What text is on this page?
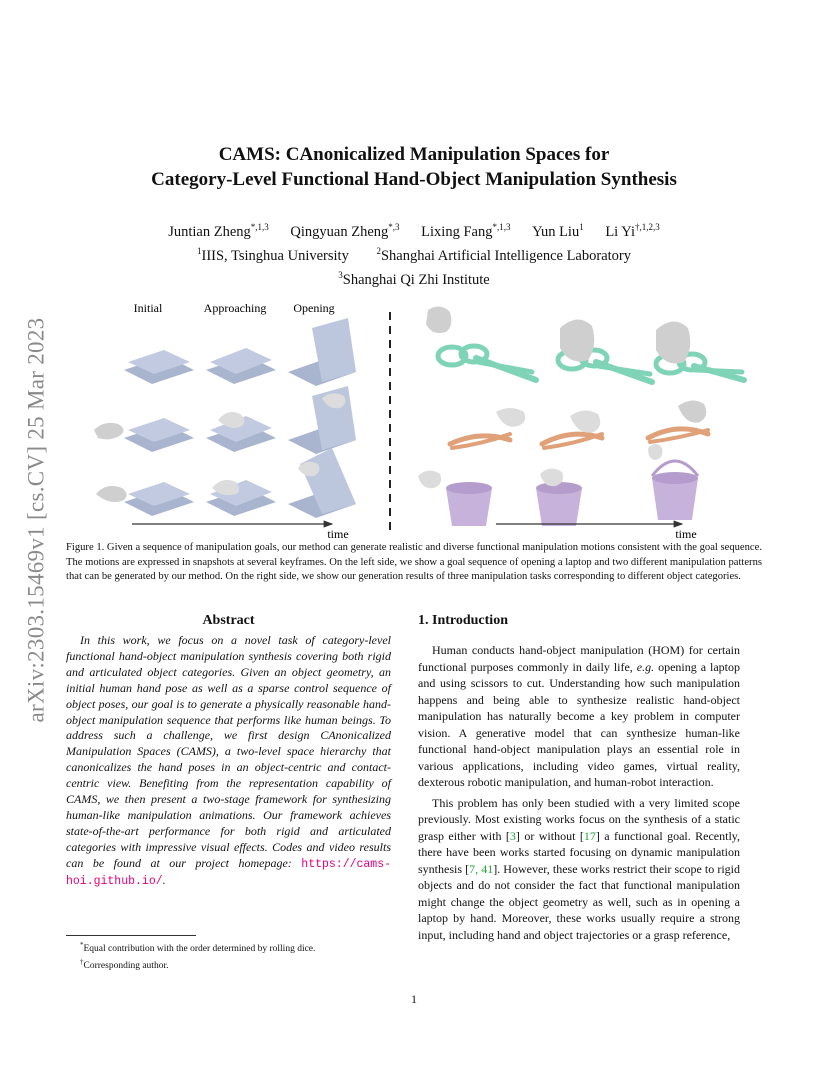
arXiv:2303.15469v1 [cs.CV] 25 Mar 2023
CAMS: CAnonicalized Manipulation Spaces for
Category-Level Functional Hand-Object Manipulation Synthesis
Juntian Zheng$^{*,1,3}$ Qingyuan Zheng$^{*,3}$ Lixing Fang$^{*,1,3}$ Yun Liu$^1$ Li $Yi^{\dagger,1,2,3}$
$^1$IIIS, Tsinghua University	$^2$Shanghai Artificial Intelligence Laboratory
$^3$Shanghai Qi Zhi Institute
Initial	Approaching Opening
time	time
Figure 1. Given a sequence of manipulation goals, our method can generate realistic and diverse functional manipulation motions consistent with the goal sequence. The motions are expressed in snapshots at several keyframes. On the left side, we show a goal sequence of opening a laptop and two different manipulation patterns that can be generated by our method. On the right side, we show our generation results of three manipulation tasks corresponding to different object categories.
Abstract
In this work, we focus on a novel task of category-level functional hand-object manipulation synthesis covering both rigid and articulated object categories. Given an object geometry, an initial human hand pose as well as a sparse control sequence of object poses, our goal is to generate a physically reasonable hand-object manipulation sequence that performs like human beings. To address such a challenge, we first design CAnonicalized Manipulation Spaces (CAMS), a two-level space hierarchy that canonicalizes the hand poses in an object-centric and contact-centric view. Benefiting from the representation capability of CAMS, we then present a two-stage framework for synthesizing human-like manipulation animations. Our framework achieves state-of-the-art performance for both rigid and articulated categories with impressive visual effects. Codes and video results can be found at our project homepage: https://cams-hoi.github.io/.
1. Introduction

Human conducts hand-object manipulation (HOM) for certain functional purposes commonly in daily life, e.g. opening a laptop and using scissors to cut. Understanding how such manipulation happens and being able to synthesize realistic hand-object manipulation has naturally become a key problem in computer vision. A generative model that can synthesize human-like functional hand-object manipulation plays an essential role in various applications, including video games, virtual reality, dexterous robotic manipulation, and human-robot interaction.

This problem has only been studied with a very limited scope previously. Most existing works focus on the synthesis of a static grasp either with [3] or without [17] a functional goal. Recently, there have been works started focusing on dynamic manipulation synthesis [7, 41]. However, these works restrict their scope to rigid objects and do not consider the fact that functional manipulation might change the object geometry as well, such as in opening a laptop by hand. Moreover, these works usually require a strong input, including hand and object trajectories or a grasp reference,

*Equal contribution with the order determined by rolling dice.
†Corresponding author.
1
